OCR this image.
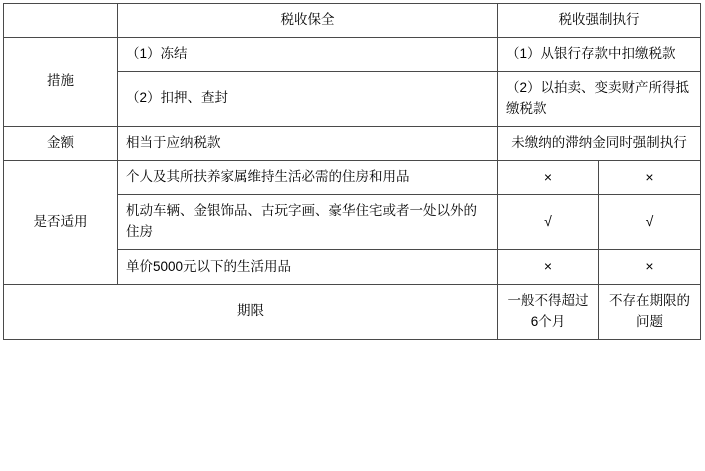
	税收保全	税收强制执行	
措施	（1）冻结	（1）从银行存款中扣缴税款	
	（2）扣押、查封	（2）以拍卖、变卖财产所得抵缴税款	
金额	相当于应纳税款	未缴纳的滞纳金同时强制执行	
是否适用	个人及其所扶养家属维持生活必需的住房和用品	×	×
	机动车辆、金银饰品、古玩字画、豪华住宅或者一处以外的住房	√	√
	单价5000元以下的生活用品	×	×
期限		一般不得超过6个月	不存在期限的问题
